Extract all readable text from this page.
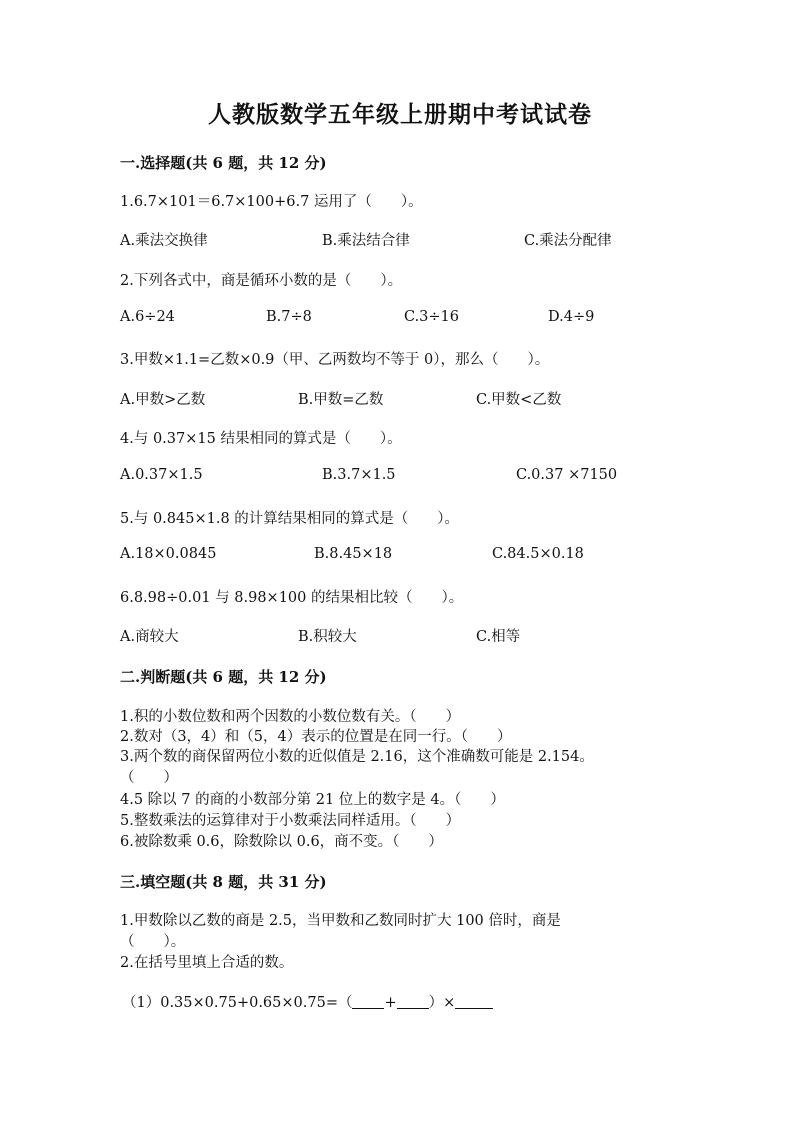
人教版数学五年级上册期中考试试卷
一.选择题(共 6 题，共 12 分)
1.6.7×101＝6.7×100+6.7 运用了（　　）。
A.乘法交换律	B.乘法结合律	C.乘法分配律
2.下列各式中，商是循环小数的是（　　）。
A.6÷24	B.7÷8	C.3÷16	D.4÷9
3.甲数×1.1=乙数×0.9（甲、乙两数均不等于 0），那么（　　）。
A.甲数>乙数	B.甲数=乙数	C.甲数<乙数
4.与 0.37×15 结果相同的算式是（　　）。
A.0.37×1.5	B.3.7×1.5	C.0.37 ×7150
5.与 0.845×1.8 的计算结果相同的算式是（　　）。
A.18×0.0845	B.8.45×18	C.84.5×0.18
6.8.98÷0.01 与 8.98×100 的结果相比较（　　）。
A.商较大	B.积较大	C.相等
二.判断题(共 6 题，共 12 分)
1.积的小数位数和两个因数的小数位数有关。（　　）
2.数对（3，4）和（5，4）表示的位置是在同一行。（　　）
3.两个数的商保留两位小数的近似值是 2.16，这个准确数可能是 2.154。
（　　）
4.5 除以 7 的商的小数部分第 21 位上的数字是 4。（　　）
5.整数乘法的运算律对于小数乘法同样适用。（　　）
6.被除数乘 0.6，除数除以 0.6，商不变。（　　）
三.填空题(共 8 题，共 31 分)
1.甲数除以乙数的商是 2.5，当甲数和乙数同时扩大 100 倍时，商是
（　　）。
2.在括号里填上合适的数。
（1）0.35×0.75+0.65×0.75=（ + ）×
